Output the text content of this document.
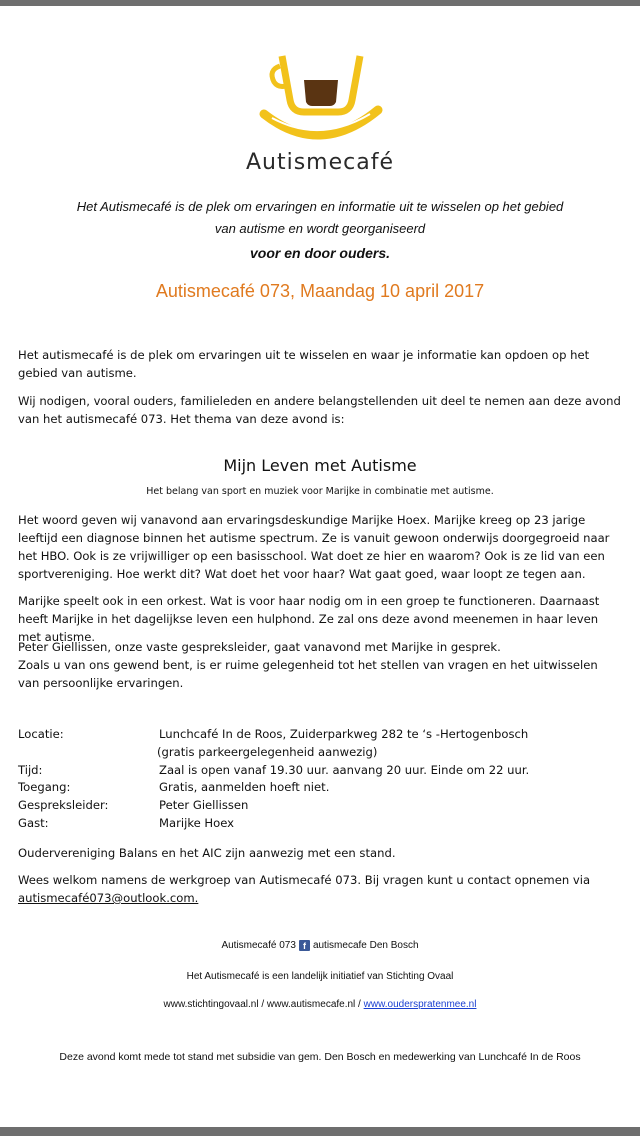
Autismecafé
Het Autismecafé is de plek om ervaringen en informatie uit te wisselen op het gebied
van autisme en wordt georganiseerd
voor en door ouders.
Autismecafé 073, Maandag 10 april 2017
Het autismecafé is de plek om ervaringen uit te wisselen en waar je informatie kan opdoen op het gebied van autisme.
Wij nodigen, vooral ouders, familieleden en andere belangstellenden uit deel te nemen aan deze avond van het autismecafé 073. Het thema van deze avond is:
Mijn Leven met Autisme
Het belang van sport en muziek voor Marijke in combinatie met autisme.
Het woord geven wij vanavond aan ervaringsdeskundige Marijke Hoex. Marijke kreeg op 23 jarige leeftijd een diagnose binnen het autisme spectrum. Ze is vanuit gewoon onderwijs doorgegroeid naar het HBO. Ook is ze vrijwilliger op een basisschool. Wat doet ze hier en waarom? Ook is ze lid van een sportvereniging. Hoe werkt dit? Wat doet het voor haar? Wat gaat goed, waar loopt ze tegen aan.
Marijke speelt ook in een orkest. Wat is voor haar nodig om in een groep te functioneren. Daarnaast heeft Marijke in het dagelijkse leven een hulphond. Ze zal ons deze avond meenemen in haar leven met autisme.
Peter Giellissen, onze vaste gespreksleider, gaat vanavond met Marijke in gesprek.
Zoals u van ons gewend bent, is er ruime gelegenheid tot het stellen van vragen en het uitwisselen van persoonlijke ervaringen.
Locatie:	Lunchcafé In de Roos, Zuiderparkweg 282 te ‘s -Hertogenbosch
(gratis parkeergelegenheid aanwezig)
Tijd:	Zaal is open vanaf 19.30 uur. aanvang 20 uur. Einde om 22 uur.
Toegang:	Gratis, aanmelden hoeft niet.
Gespreksleider:	Peter Giellissen
Gast:	Marijke Hoex
Oudervereniging Balans en het AIC zijn aanwezig met een stand.
Wees welkom namens de werkgroep van Autismecafé 073. Bij vragen kunt u contact opnemen via
autismecafé073@outlook.com.
Autismecafé 073 f autismecafe Den Bosch
Het Autismecafé is een landelijk initiatief van Stichting Ovaal
www.stichtingovaal.nl / www.autismecafe.nl / www.ouderspratenmee.nl
Deze avond komt mede tot stand met subsidie van gem. Den Bosch en medewerking van Lunchcafé In de Roos
